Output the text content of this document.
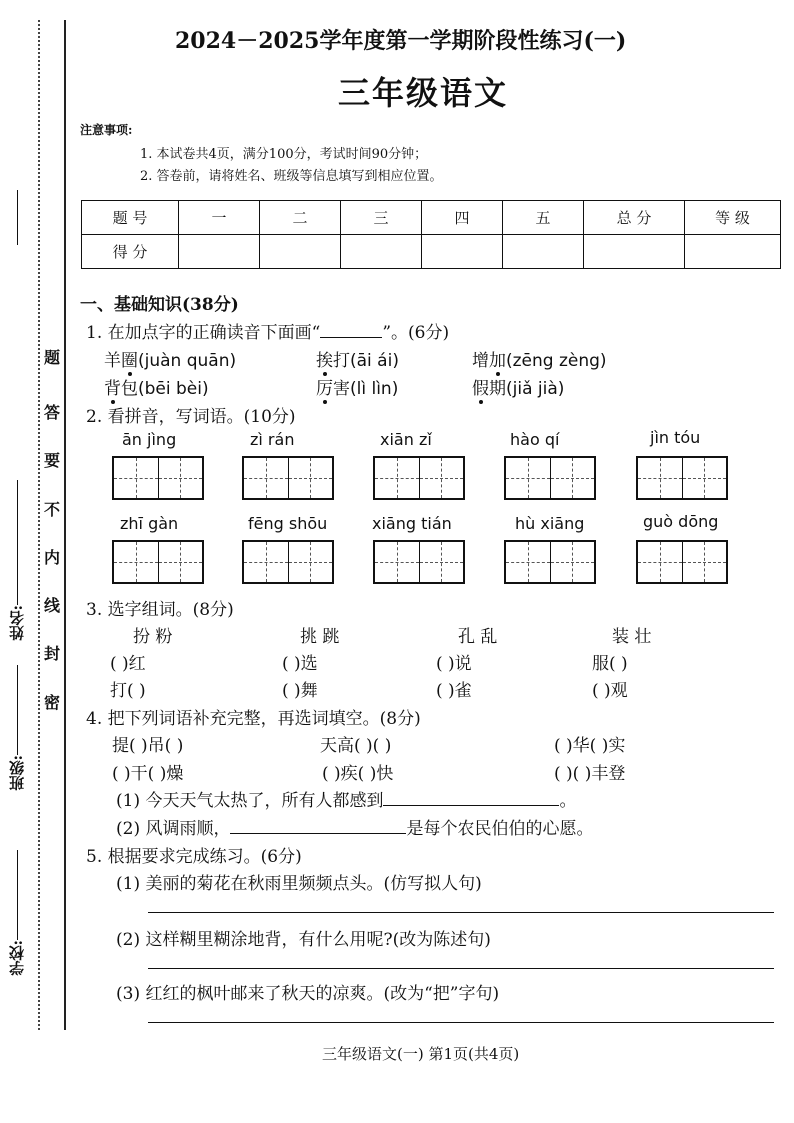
题
答
要
不
内
线
封
密
姓名:
班级:
学校:
2024－2025学年度第一学期阶段性练习(一)
三年级语文
注意事项:
1. 本试卷共4页，满分100分，考试时间90分钟；
2. 答卷前，请将姓名、班级等信息填写到相应位置。
题 号	一	二	三	四	五	总 分	等 级
得 分							
一、基础知识(38分)
1. 在加点字的正确读音下面画“	”。(6分)
羊圈(juàn quān)	挨打(āi ái)	增加(zēng zèng)
背包(bēi bèi)	厉害(lì lìn)	假期(jiǎ jià)
2. 看拼音，写词语。(10分)
ān jìng	zì rán	xiān zǐ	hào qí	jìn tóu
zhī gàn	fēng shōu	xiāng tián	hù xiāng	guò dōng
3. 选字组词。(8分)
扮 粉	挑 跳	孔 乱	装 壮
( )红	( )选	( )说	服( )
打( )	( )舞	( )雀	( )观
4. 把下列词语补充完整，再选词填空。(8分)
提( )吊( )	天高( )( )	( )华( )实
( )干( )燥	( )疾( )快	( )( )丰登
(1) 今天天气太热了，所有人都感到	。
(2) 风调雨顺，	是每个农民伯伯的心愿。
5. 根据要求完成练习。(6分)
(1) 美丽的菊花在秋雨里频频点头。(仿写拟人句)
(2) 这样糊里糊涂地背，有什么用呢?(改为陈述句)
(3) 红红的枫叶邮来了秋天的凉爽。(改为“把”字句)
三年级语文(一) 第1页(共4页)
